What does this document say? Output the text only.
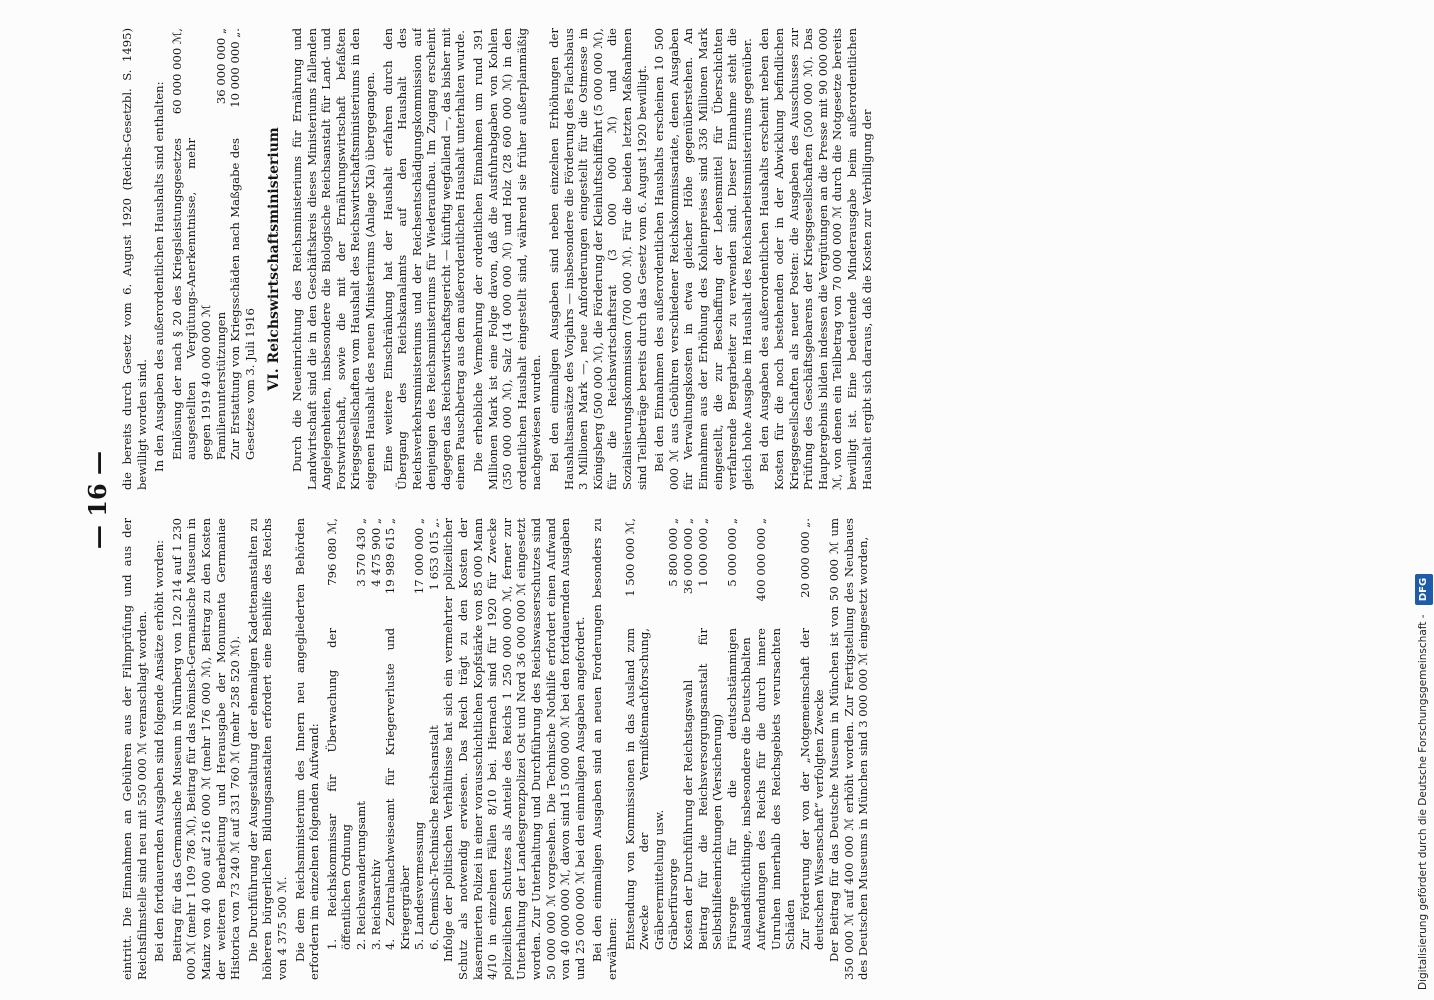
— 16 —

eintritt. Die Einnahmen an Gebühren aus der Filmprüfung und aus der Reichsfilmstelle sind neu mit 550 000 ℳ veranschlagt worden. Bei den fortdauernden Ausgaben sind folgende Ansätze erhöht worden: Beitrag für das Germanische Museum in Nürnberg von 120 214 auf 1 230 000 ℳ (mehr 1 109 786 ℳ), Beitrag für das Römisch-Germanische Museum in Mainz von 40 000 auf 216 000 ℳ (mehr 176 000 ℳ), Beitrag zu den Kosten der weiteren Bearbeitung und Herausgabe der Monumenta Germaniae Historica von 73 240 ℳ auf 331 760 ℳ (mehr 258 520 ℳ). Die Durchführung der Ausgestaltung der ehemaligen Kadettenanstalten zu höheren bürgerlichen Bildungsanstalten erfordert eine Beihilfe des Reichs von 4 375 500 ℳ. Die dem Reichsministerium des Innern neu angegliederten Behörden erfordern im einzelnen folgenden Aufwand: 1. Reichskommissar für Überwachung der öffentlichen Ordnung
796 080 ℳ,
2. Reichswanderungsamt
3 570 430 „
3. Reichsarchiv
4 475 900 „
4. Zentralnachweiseamt für Kriegerverluste und Kriegergräber
19 989 615 „
5. Landesvermessung
17 000 000 „
6. Chemisch-Technische Reichsanstalt
1 653 015 „. Infolge der politischen Verhältnisse hat sich ein vermehrter polizeilicher Schutz als notwendig erwiesen. Das Reich trägt zu den Kosten der kasernierten Polizei in einer vorausschichtlichen Kopfstärke von 85 000 Mann 4/10 in einzelnen Fällen 8/10 bei. Hiernach sind für 1920 für Zwecke polizeilichen Schutzes als Anteile des Reichs 1 250 000 000 ℳ, ferner zur Unterhaltung der Landesgrenzpolizei Ost und Nord 36 000 000 ℳ eingesetzt worden. Zur Unterhaltung und Durchführung des Reichswasserschutzes sind 50 000 000 ℳ vorgesehen. Die Technische Nothilfe erfordert einen Aufwand von 40 000 000 ℳ, davon sind 15 000 000 ℳ bei den fortdauernden Ausgaben und 25 000 000 ℳ bei den einmaligen Ausgaben angefordert. Bei den einmaligen Ausgaben sind an neuen Forderungen besonders zu erwähnen: Entsendung von Kommissionen in das Ausland zum Zwecke der Vermißtennachforschung, Gräberermittelung usw.
1 500 000 ℳ,
Gräberfürsorge
5 800 000 „
Kosten der Durchführung der Reichstagswahl
36 000 000 „
Beitrag für die Reichsversorgungsanstalt für Selbsthilfeeinrichtungen (Versicherung)
1 000 000 „
Fürsorge für die deutschstämmigen Auslandsflüchtlinge, insbesondere die Deutschbalten
5 000 000 „
Aufwendungen des Reichs für die durch innere Unruhen innerhalb des Reichsgebiets verursachten Schäden
400 000 000 „
Zur Förderung der von der „Notgemeinschaft der deutschen Wissenschaft“ verfolgten Zwecke
20 000 000 „.	Der Beitrag für das Deutsche Museum in München ist von 50 000 ℳ um 350 000 ℳ auf 400 000 ℳ erhöht worden. Zur Fertigstellung des Neubaues des Deutschen Museums in München sind 3 000 000 ℳ eingesetzt worden,

die bereits durch Gesetz vom 6. August 1920 (Reichs-Gesetzbl. S. 1495) bewilligt worden sind. In den Ausgaben des außerordentlichen Haushalts sind enthalten: Einlösung der nach § 20 des Kriegsleistungsgesetzes ausgestellten Vergütungs-Anerkenntnisse, mehr gegen 1919 40 000 000 ℳ
60 000 000 ℳ,
Familienunterstützungen
36 000 000 „
Zur Erstattung von Kriegsschäden nach Maßgabe des Gesetzes vom 3. Juli 1916
10 000 000 „.
VI. Reichswirtschaftsministerium Durch die Neueinrichtung des Reichsministeriums für Ernährung und Landwirtschaft sind die in den Geschäftskreis dieses Ministeriums fallenden Angelegenheiten, insbesondere die Biologische Reichsanstalt für Land- und Forstwirtschaft, sowie die mit der Ernährungswirtschaft befaßten Kriegsgesellschaften vom Haushalt des Reichswirtschaftsministeriums in den eigenen Haushalt des neuen Ministeriums (Anlage XIa) übergegangen. Eine weitere Einschränkung hat der Haushalt erfahren durch den Übergang des Reichskanalamts auf den Haushalt des Reichsverkehrsministeriums und der Reichsentschädigungskommission auf denjenigen des Reichsministeriums für Wiederaufbau. Im Zugang erscheint dagegen das Reichswirtschaftsgericht — künftig wegfallend —, das bisher mit einem Pauschbetrag aus dem außerordentlichen Haushalt unterhalten wurde. Die erhebliche Vermehrung der ordentlichen Einnahmen um rund 391 Millionen Mark ist eine Folge davon, daß die Ausfuhrabgaben von Kohlen (350 000 000 ℳ), Salz (14 000 000 ℳ) und Holz (28 600 000 ℳ) in den ordentlichen Haushalt eingestellt sind, während sie früher außerplanmäßig nachgewiesen wurden. Bei den einmaligen Ausgaben sind neben einzelnen Erhöhungen der Haushaltsansätze des Vorjahrs — insbesondere die Förderung des Flachsbaus 3 Millionen Mark —, neue Anforderungen eingestellt für die Ostmesse in Königsberg (500 000 ℳ), die Förderung der Kleinluftschiffahrt (5 000 000 ℳ), für die Reichswirtschaftsrat (3 000 000 ℳ) und die Sozialisierungskommission (700 000 ℳ). Für die beiden letzten Maßnahmen sind Teilbeträge bereits durch das Gesetz vom 6. August 1920 bewilligt. Bei den Einnahmen des außerordentlichen Haushalts erscheinen 10 500 000 ℳ aus Gebühren verschiedener Reichskommissariate, denen Ausgaben für Verwaltungskosten in etwa gleicher Höhe gegenüberstehen. An Einnahmen aus der Erhöhung des Kohlenpreises sind 336 Millionen Mark eingestellt, die zur Beschaffung der Lebensmittel für Überschichten verfahrende Bergarbeiter zu verwenden sind. Dieser Einnahme steht die gleich hohe Ausgabe im Haushalt des Reichsarbeitsministeriums gegenüber. Bei den Ausgaben des außerordentlichen Haushalts erscheint neben den Kosten für die noch bestehenden oder in der Abwicklung befindlichen Kriegsgesellschaften als neuer Posten: die Ausgaben des Ausschusses zur Prüfung des Geschäftsgebarens der Kriegsgesellschaften (500 000 ℳ). Das Hauptergebnis bilden indessen die Vergütungen an die Presse mit 90 000 000 ℳ, von denen ein Teilbetrag von 70 000 000 ℳ durch die Notgesetze bereits bewilligt ist. Eine bedeutende Minderausgabe beim außerordentlichen Haushalt ergibt sich daraus, daß die Kosten zur Verbilligung der

Digitalisierung gefördert durch die Deutsche Forschungsgemeinschaft - DFG
